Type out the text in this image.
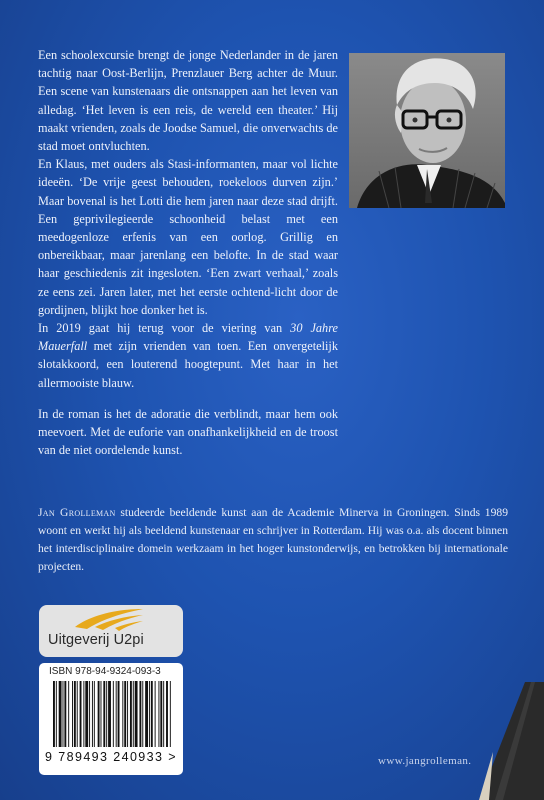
Een schoolexcursie brengt de jonge Nederlander in de jaren tachtig naar Oost-Berlijn, Prenzlauer Berg achter de Muur. Een scene van kunstenaars die ontsnappen aan het leven van alledag. ‘Het leven is een reis, de wereld een theater.’ Hij maakt vrienden, zoals de Joodse Samuel, die onverwachts de stad moet ontvluchten.

En Klaus, met ouders als Stasi-informanten, maar vol lichte ideeën. ‘De vrije geest behouden, roekeloos durven zijn.’ Maar bovenal is het Lotti die hem jaren naar deze stad drijft. Een geprivilegieerde schoonheid belast met een meedogenloze erfenis van een oorlog. Grillig en onbereikbaar, maar jarenlang een belofte. In de stad waar haar geschiedenis zit ingesloten. ‘Een zwart verhaal,’ zoals ze eens zei. Jaren later, met het eerste ochtend-licht door de gordijnen, blijkt hoe donker het is.

In 2019 gaat hij terug voor de viering van 30 Jahre Mauerfall met zijn vrienden van toen. Een onvergetelijk slotakkoord, een louterend hoogtepunt. Met haar in het allermooiste blauw.

In de roman is het de adoratie die verblindt, maar hem ook meevoert. Met de euforie van onafhankelijkheid en de troost van de niet oordelende kunst.

Jan Grolleman studeerde beeldende kunst aan de Academie Minerva in Groningen. Sinds 1989 woont en werkt hij als beeldend kunstenaar en schrijver in Rotterdam. Hij was o.a. als docent binnen het interdisciplinaire domein werkzaam in het hoger kunstonderwijs, en betrokken bij internationale projecten.
Uitgeverij U2pi
ISBN 978-94-9324-093-3
9 789493 240933 >	www.jangrolleman.
